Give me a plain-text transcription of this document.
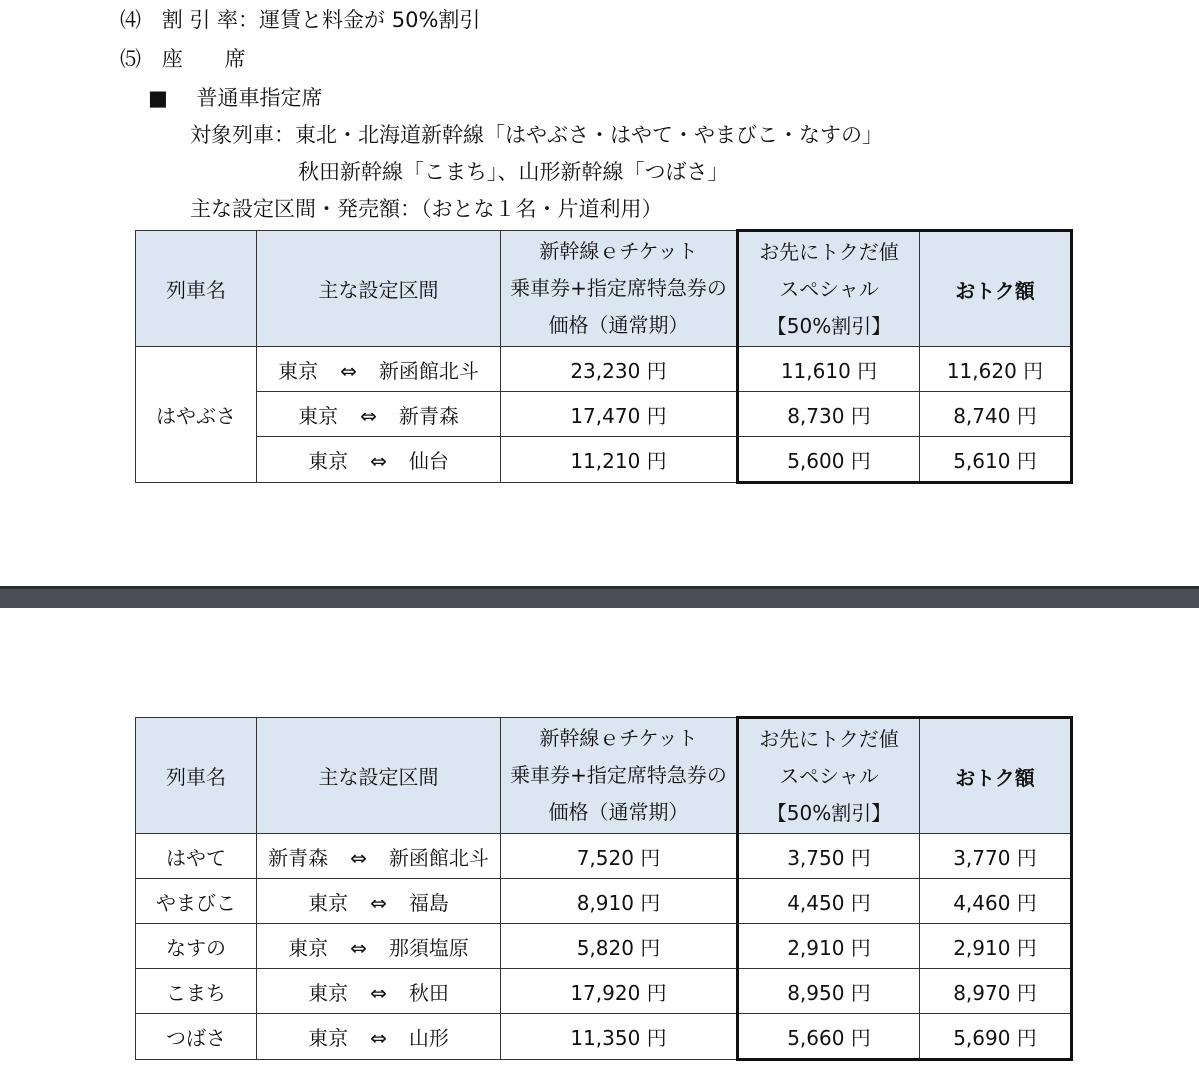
⑷ 割 引 率：運賃と料金が 50%割引
⑸ 座　　席
■ 普通車指定席
対象列車：東北・北海道新幹線「はやぶさ・はやて・やまびこ・なすの」
秋田新幹線「こまち」、山形新幹線「つばさ」
主な設定区間・発売額：（おとな１名・片道利用）
列車名	主な設定区間	新幹線ｅチケット
乗車券+指定席特急券の
価格（通常期）	お先にトクだ値
スペシャル
【50%割引】	おトク額
はやぶさ	東京 ⇔ 新函館北斗	23,230 円	11,610 円	11,620 円
	東京 ⇔ 新青森	17,470 円	8,730 円	8,740 円
	東京 ⇔ 仙台	11,210 円	5,600 円	5,610 円
列車名	主な設定区間	新幹線ｅチケット
乗車券+指定席特急券の
価格（通常期）	お先にトクだ値
スペシャル
【50%割引】	おトク額
はやて	新青森 ⇔ 新函館北斗	7,520 円	3,750 円	3,770 円
やまびこ	東京 ⇔ 福島	8,910 円	4,450 円	4,460 円
なすの	東京 ⇔ 那須塩原	5,820 円	2,910 円	2,910 円
こまち	東京 ⇔ 秋田	17,920 円	8,950 円	8,970 円
つばさ	東京 ⇔ 山形	11,350 円	5,660 円	5,690 円
